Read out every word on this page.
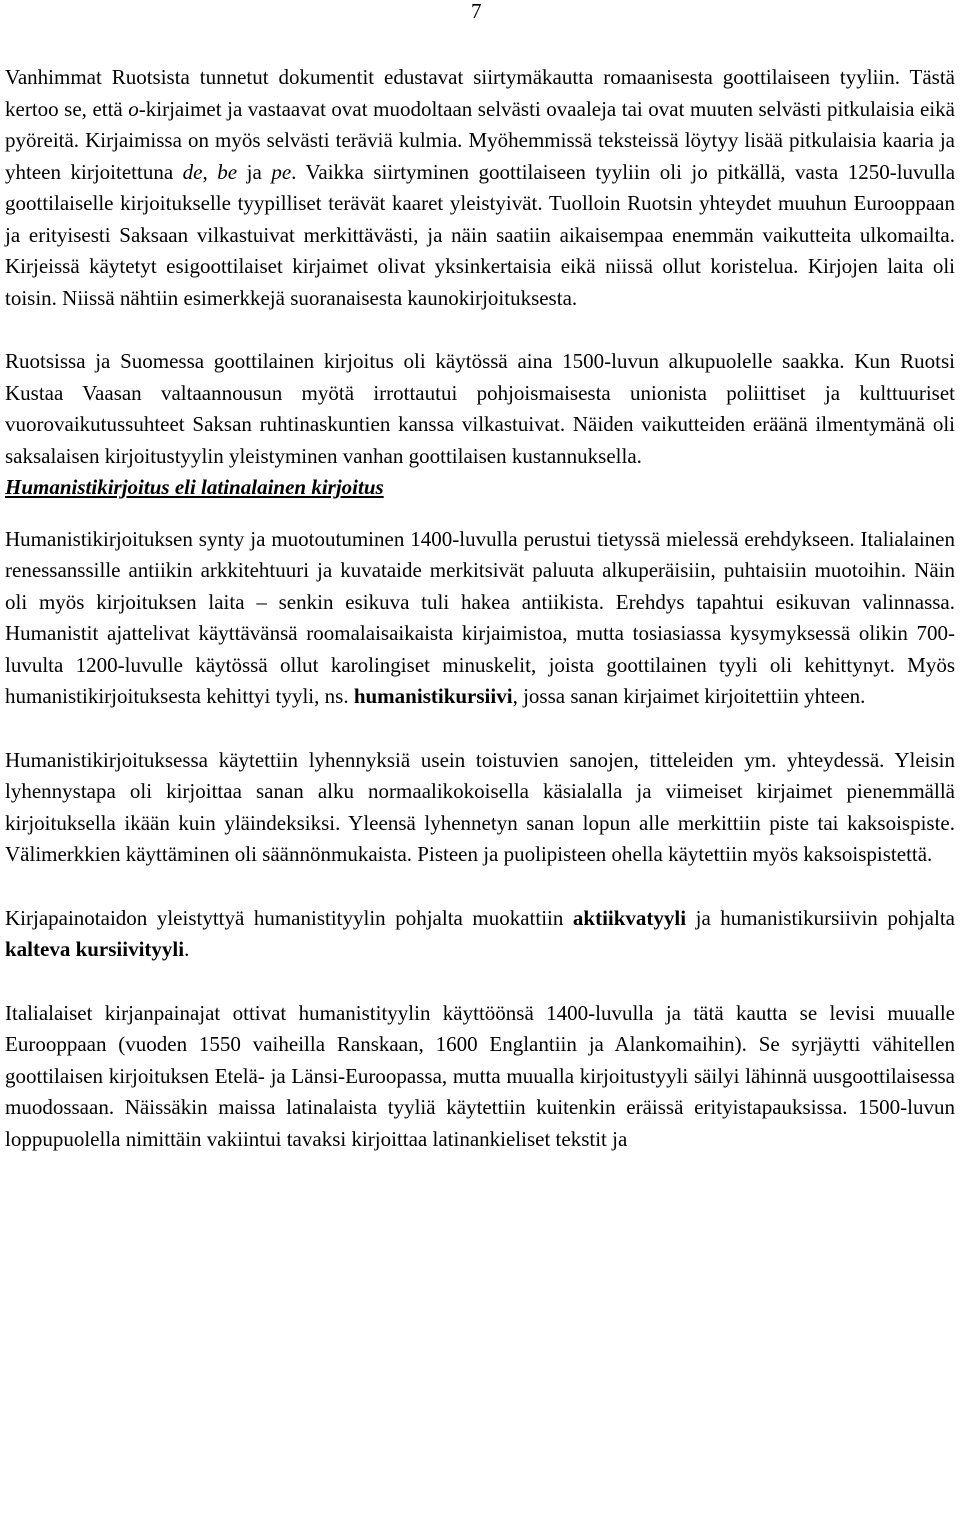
7

Vanhimmat Ruotsista tunnetut dokumentit edustavat siirtymäkautta romaanisesta goottilaiseen tyyliin. Tästä kertoo se, että o-kirjaimet ja vastaavat ovat muodoltaan selvästi ovaaleja tai ovat muuten selvästi pitkulaisia eikä pyöreitä. Kirjaimissa on myös selvästi teräviä kulmia. Myöhemmissä teksteissä löytyy lisää pitkulaisia kaaria ja yhteen kirjoitettuna de, be ja pe. Vaikka siirtyminen goottilaiseen tyyliin oli jo pitkällä, vasta 1250-luvulla goottilaiselle kirjoitukselle tyypilliset terävät kaaret yleistyivät. Tuolloin Ruotsin yhteydet muuhun Eurooppaan ja erityisesti Saksaan vilkastuivat merkittävästi, ja näin saatiin aikaisempaa enemmän vaikutteita ulkomailta. Kirjeissä käytetyt esigoottilaiset kirjaimet olivat yksinkertaisia eikä niissä ollut koristelua. Kirjojen laita oli toisin. Niissä nähtiin esimerkkejä suoranaisesta kaunokirjoituksesta.

Ruotsissa ja Suomessa goottilainen kirjoitus oli käytössä aina 1500-luvun alkupuolelle saakka. Kun Ruotsi Kustaa Vaasan valtaannousun myötä irrottautui pohjoismaisesta unionista poliittiset ja kulttuuriset vuorovaikutussuhteet Saksan ruhtinaskuntien kanssa vilkastuivat. Näiden vaikutteiden eräänä ilmentymänä oli saksalaisen kirjoitustyylin yleistyminen vanhan goottilaisen kustannuksella.

Humanistikirjoitus eli latinalainen kirjoitus

Humanistikirjoituksen synty ja muotoutuminen 1400-luvulla perustui tietyssä mielessä erehdykseen. Italialainen renessanssille antiikin arkkitehtuuri ja kuvataide merkitsivät paluuta alkuperäisiin, puhtaisiin muotoihin. Näin oli myös kirjoituksen laita – senkin esikuva tuli hakea antiikista. Erehdys tapahtui esikuvan valinnassa. Humanistit ajattelivat käyttävänsä roomalaisaikaista kirjaimistoa, mutta tosiasiassa kysymyksessä olikin 700-luvulta 1200-luvulle käytössä ollut karolingiset minuskelit, joista goottilainen tyyli oli kehittynyt. Myös humanistikirjoituksesta kehittyi tyyli, ns. humanistikursiivi, jossa sanan kirjaimet kirjoitettiin yhteen.

Humanistikirjoituksessa käytettiin lyhennyksiä usein toistuvien sanojen, titteleiden ym. yhteydessä. Yleisin lyhennystapa oli kirjoittaa sanan alku normaalikokoisella käsialalla ja viimeiset kirjaimet pienemmällä kirjoituksella ikään kuin yläindeksiksi. Yleensä lyhennetyn sanan lopun alle merkittiin piste tai kaksoispiste. Välimerkkien käyttäminen oli säännönmukaista. Pisteen ja puolipisteen ohella käytettiin myös kaksoispistettä.

Kirjapainotaidon yleistyttyä humanistityylin pohjalta muokattiin aktiikvatyyli ja humanistikursiivin pohjalta kalteva kursiivityyli.

Italialaiset kirjanpainajat ottivat humanistityylin käyttöönsä 1400-luvulla ja tätä kautta se levisi muualle Eurooppaan (vuoden 1550 vaiheilla Ranskaan, 1600 Englantiin ja Alankomaihin). Se syrjäytti vähitellen goottilaisen kirjoituksen Etelä- ja Länsi-Euroopassa, mutta muualla kirjoitustyyli säilyi lähinnä uusgoottilaisessa muodossaan. Näissäkin maissa latinalaista tyyliä käytettiin kuitenkin eräissä erityistapauksissa. 1500-luvun loppupuolella nimittäin vakiintui tavaksi kirjoittaa latinankieliset tekstit ja
